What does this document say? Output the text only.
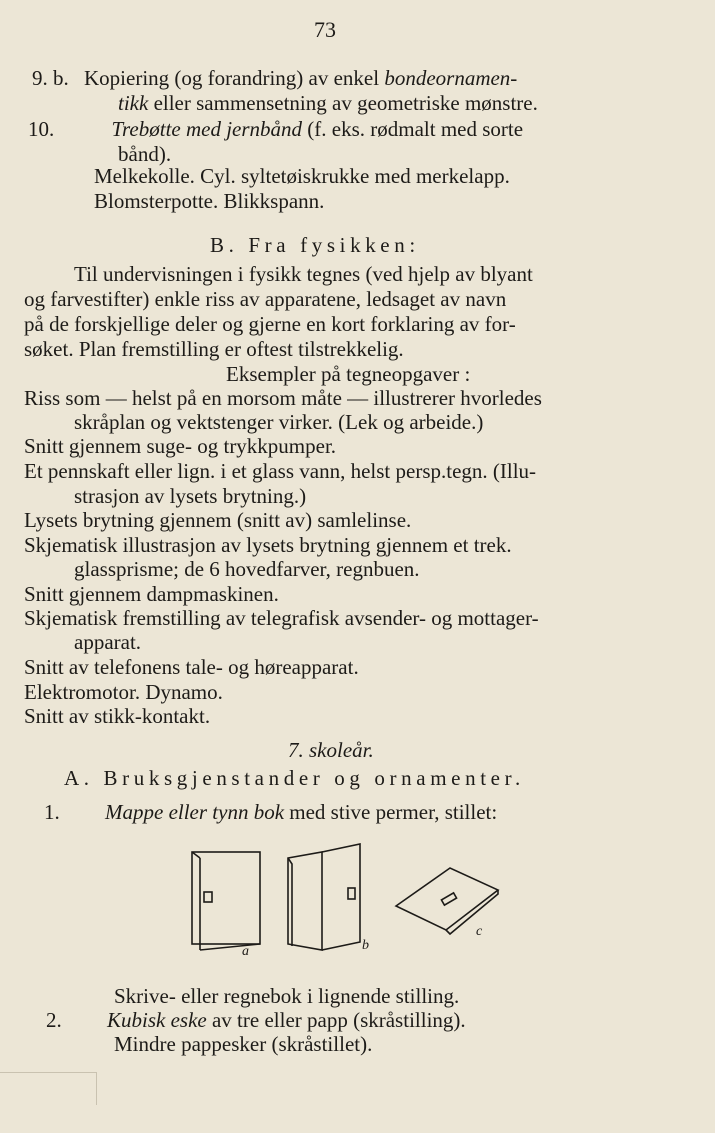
73
9. b. Kopiering (og forandring) av enkel bondeornamen-
tikk eller sammensetning av geometriske mønstre.
10.	Trebøtte med jernbånd (f. eks. rødmalt med sorte
bånd).
Melkekolle. Cyl. syltetøiskrukke med merkelapp.
Blomsterpotte. Blikkspann.
B. Fra fysikken:
Til undervisningen i fysikk tegnes (ved hjelp av blyant
og farvestifter) enkle riss av apparatene, ledsaget av navn
på de forskjellige deler og gjerne en kort forklaring av for-
søket. Plan fremstilling er oftest tilstrekkelig.
Eksempler på tegneopgaver :
Riss som — helst på en morsom måte — illustrerer hvorledes
skråplan og vektstenger virker. (Lek og arbeide.)
Snitt gjennem suge- og trykkpumper.
Et pennskaft eller lign. i et glass vann, helst persp.tegn. (Illu-
strasjon av lysets brytning.)
Lysets brytning gjennem (snitt av) samlelinse.
Skjematisk illustrasjon av lysets brytning gjennem et trek.
glassprisme; de 6 hovedfarver, regnbuen.
Snitt gjennem dampmaskinen.
Skjematisk fremstilling av telegrafisk avsender- og mottager-
apparat.
Snitt av telefonens tale- og høreapparat.
Elektromotor. Dynamo.
Snitt av stikk-kontakt.
7. skoleår.
A. Bruksgjenstander og ornamenter.
1. Mappe eller tynn bok med stive permer, stillet:
a	b
c
Skrive- eller regnebok i lignende stilling.
2. Kubisk eske av tre eller papp (skråstilling).
Mindre pappesker (skråstillet).
